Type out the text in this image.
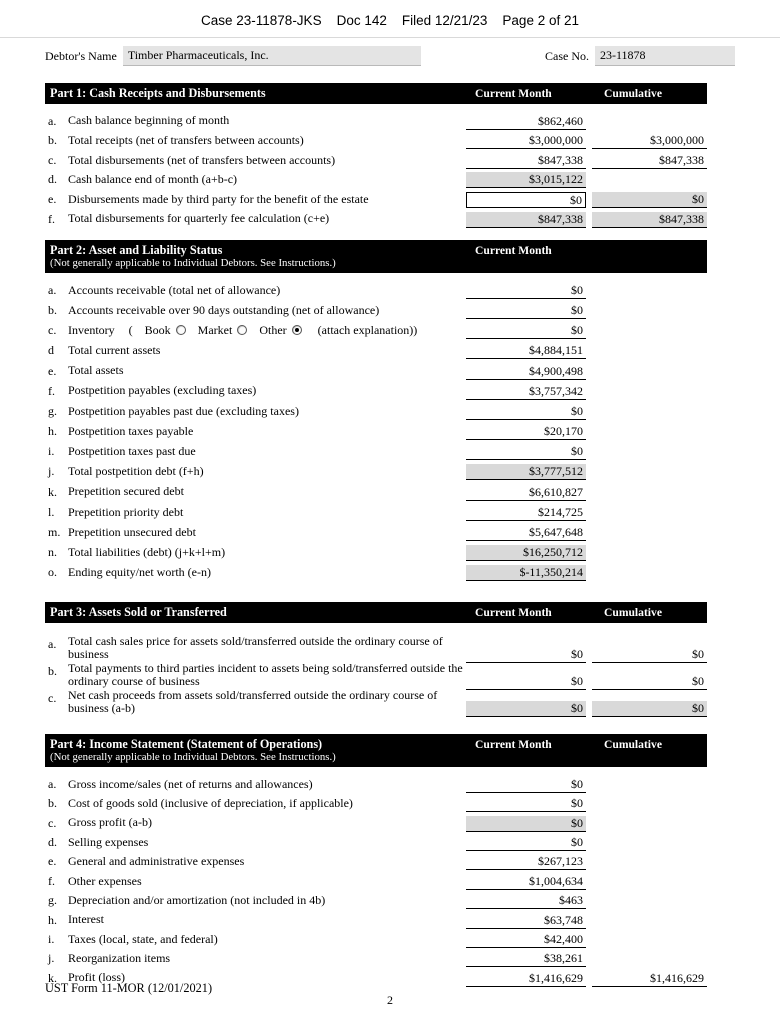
Case 23-11878-JKS    Doc 142    Filed 12/21/23    Page 2 of 21
Debtor's Name Timber Pharmaceuticals, Inc.	Case No. 23-11878
Part 1: Cash Receipts and Disbursements	Current Month	Cumulative
a. Cash balance beginning of month	$862,460
b. Total receipts (net of transfers between accounts)	$3,000,000	$3,000,000
c. Total disbursements (net of transfers between accounts)	$847,338	$847,338
d. Cash balance end of month (a+b-c)	$3,015,122
e. Disbursements made by third party for the benefit of the estate	$0	$0
f. Total disbursements for quarterly fee calculation (c+e)	$847,338	$847,338
Part 2: Asset and Liability Status
(Not generally applicable to Individual Debtors. See Instructions.)
Current Month
a. Accounts receivable (total net of allowance)	$0
b. Accounts receivable over 90 days outstanding (net of allowance)	$0
c. Inventory ( Book Market Other	(attach explanation))	$0
d Total current assets	$4,884,151
e. Total assets	$4,900,498
f. Postpetition payables (excluding taxes)	$3,757,342
g. Postpetition payables past due (excluding taxes)	$0
h. Postpetition taxes payable	$20,170
i. Postpetition taxes past due	$0
j. Total postpetition debt (f+h)	$3,777,512
k. Prepetition secured debt	$6,610,827
l. Prepetition priority debt	$214,725
m. Prepetition unsecured debt	$5,647,648
n. Total liabilities (debt) (j+k+l+m)	$16,250,712
o. Ending equity/net worth (e-n)	$-11,350,214
Part 3: Assets Sold or Transferred	Current Month	Cumulative
a. Total cash sales price for assets sold/transferred outside the ordinary course of business	$0	$0
b. Total payments to third parties incident to assets being sold/transferred outside the ordinary course of business	$0	$0
c. Net cash proceeds from assets sold/transferred outside the ordinary course of business (a-b)	$0	$0
Part 4: Income Statement (Statement of Operations)
(Not generally applicable to Individual Debtors. See Instructions.)
Current Month	Cumulative
a. Gross income/sales (net of returns and allowances)	$0
b. Cost of goods sold (inclusive of depreciation, if applicable)	$0
c. Gross profit (a-b)	$0
d. Selling expenses	$0
e. General and administrative expenses	$267,123
f. Other expenses	$1,004,634
g. Depreciation and/or amortization (not included in 4b)	$463
h. Interest	$63,748
i. Taxes (local, state, and federal)	$42,400
j. Reorganization items	$38,261
k. Profit (loss)	$1,416,629	$1,416,629
2
UST Form 11-MOR (12/01/2021)
